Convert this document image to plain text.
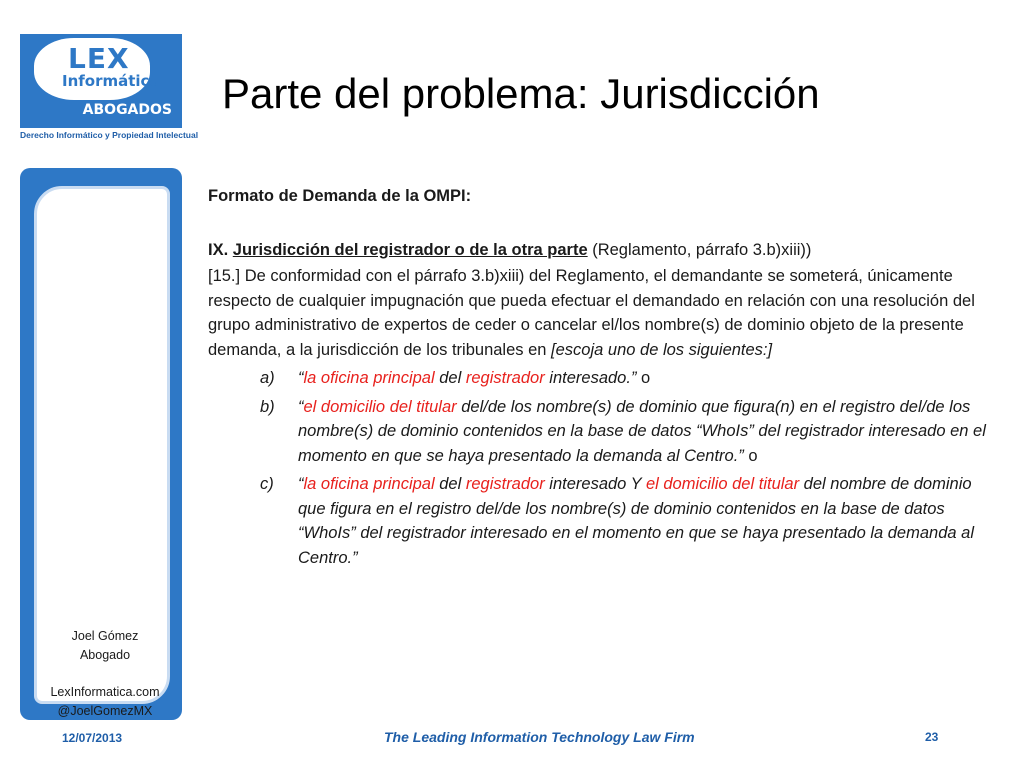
LEX
Informática
ABOGADOS
Derecho Informático y Propiedad Intelectual
Parte del problema: Jurisdicción
Joel Gómez
Abogado
LexInformatica.com
@JoelGomezMX
Formato de Demanda de la OMPI:
IX. Jurisdicción del registrador o de la otra parte (Reglamento, párrafo 3.b)xiii))
[15.] De conformidad con el párrafo 3.b)xiii) del Reglamento, el demandante se someterá, únicamente respecto de cualquier impugnación que pueda efectuar el demandado en relación con una resolución del grupo administrativo de expertos de ceder o cancelar el/los nombre(s) de dominio objeto de la presente demanda, a la jurisdicción de los tribunales en [escoja uno de los siguientes:]
a)	“la oficina principal del registrador interesado.” o
b)	“el domicilio del titular del/de los nombre(s) de dominio que figura(n) en el registro del/de los nombre(s) de dominio contenidos en la base de datos “WhoIs” del registrador interesado en el momento en que se haya presentado la demanda al Centro.” o
c)	“la oficina principal del registrador interesado Y el domicilio del titular del nombre de dominio que figura en el registro del/de los nombre(s) de dominio contenidos en la base de datos “WhoIs” del registrador interesado en el momento en que se haya presentado la demanda al Centro.”
12/07/2013	The Leading Information Technology Law Firm	23
